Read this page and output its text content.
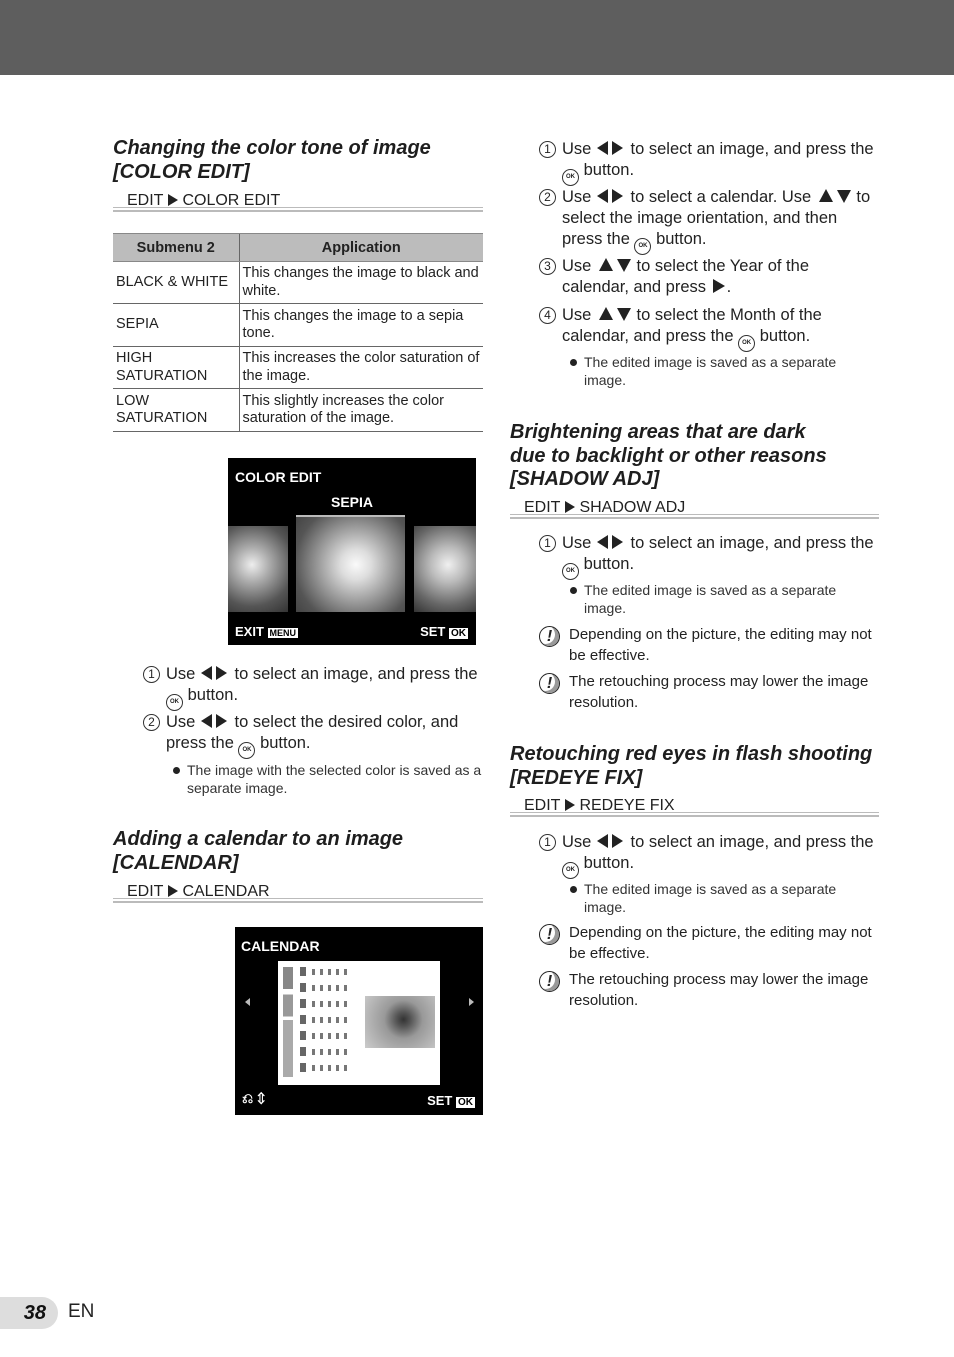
Changing the color tone of image
[COLOR EDIT]
EDIT COLOR EDIT
Submenu 2	Application
BLACK & WHITE	This changes the image to black and white.
SEPIA	This changes the image to a sepia tone.
HIGH SATURATION	This increases the color saturation of the image.
LOW SATURATION	This slightly increases the color saturation of the image.
COLOR EDIT
SEPIA
EXIT MENU	SET OK
1 Use to select an image, and press the OK button.
2 Use to select the desired color, and press the OK button.
The image with the selected color is saved as a separate image.
Adding a calendar to an image
[CALENDAR]
EDIT CALENDAR
CALENDAR
⎌ ⇕	SET OK
1 Use to select an image, and press the OK button.
2 Use to select a calendar. Use	to select the image orientation, and then press the OK button.
3 Use	to select the Year of the calendar, and press .
4 Use	to select the Month of the calendar, and press the OK button.
The edited image is saved as a separate image.
Brightening areas that are dark
due to backlight or other reasons
[SHADOW ADJ]
EDIT SHADOW ADJ
1 Use to select an image, and press the OK button.
The edited image is saved as a separate image.
!	Depending on the picture, the editing may not be effective.
!	The retouching process may lower the image resolution.
Retouching red eyes in flash shooting
[REDEYE FIX]
EDIT REDEYE FIX
1 Use to select an image, and press the OK button.
The edited image is saved as a separate image.
!	Depending on the picture, the editing may not be effective.
!	The retouching process may lower the image resolution.
38	EN
